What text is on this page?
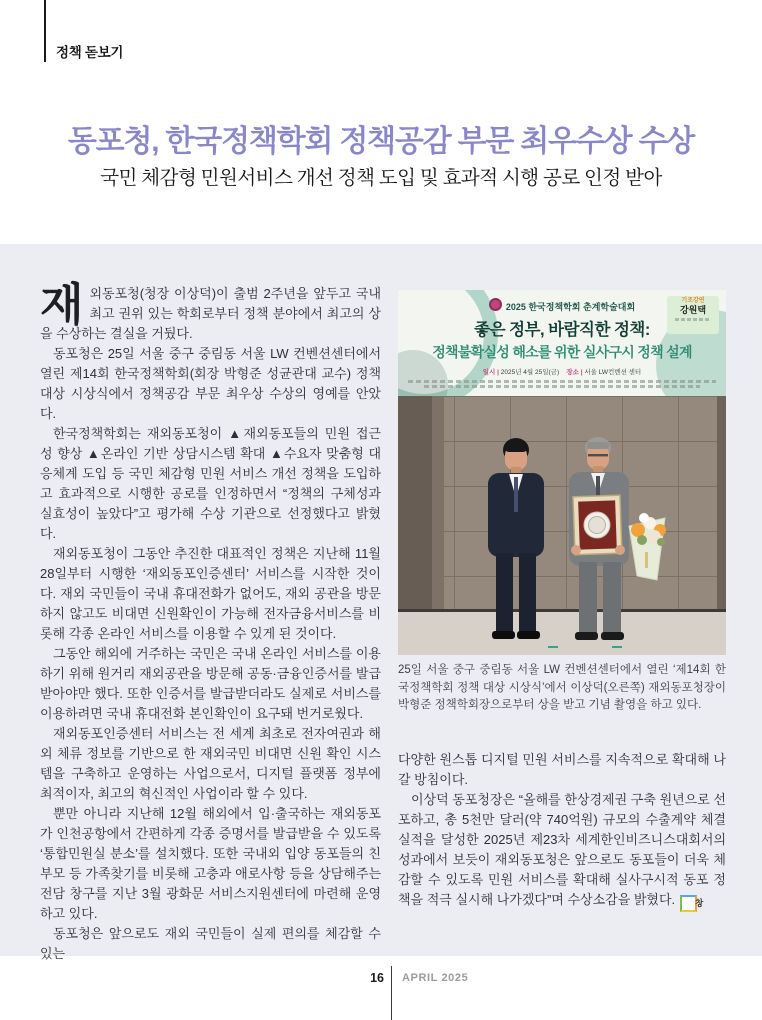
정책 돋보기
동포청, 한국정책학회 정책공감 부문 최우수상 수상
국민 체감형 민원서비스 개선 정책 도입 및 효과적 시행 공로 인정 받아

재외동포청(청장 이상덕)이 출범 2주년을 앞두고 국내 최고 권위 있는 학회로부터 정책 분야에서 최고의 상을 수상하는 결실을 거뒀다.

동포청은 25일 서울 중구 중림동 서울 LW 컨벤션센터에서 열린 제14회 한국정책학회(회장 박형준 성균관대 교수) 정책 대상 시상식에서 정책공감 부문 최우상 수상의 영예를 안았다.

한국정책학회는 재외동포청이 ▲재외동포들의 민원 접근성 향상 ▲온라인 기반 상담시스템 확대 ▲수요자 맞춤형 대응체계 도입 등 국민 체감형 민원 서비스 개선 정책을 도입하고 효과적으로 시행한 공로를 인정하면서 “정책의 구체성과 실효성이 높았다”고 평가해 수상 기관으로 선정했다고 밝혔다.

재외동포청이 그동안 추진한 대표적인 정책은 지난해 11월 28일부터 시행한 ‘재외동포인증센터’ 서비스를 시작한 것이다. 재외 국민들이 국내 휴대전화가 없어도, 재외 공관을 방문하지 않고도 비대면 신원확인이 가능해 전자금융서비스를 비롯해 각종 온라인 서비스를 이용할 수 있게 된 것이다.

그동안 해외에 거주하는 국민은 국내 온라인 서비스를 이용하기 위해 원거리 재외공관을 방문해 공동·금융인증서를 발급받아야만 했다. 또한 인증서를 발급받더라도 실제로 서비스를 이용하려면 국내 휴대전화 본인확인이 요구돼 번거로웠다.

재외동포인증센터 서비스는 전 세계 최초로 전자여권과 해외 체류 정보를 기반으로 한 재외국민 비대면 신원 확인 시스템을 구축하고 운영하는 사업으로서, 디지털 플랫폼 정부에 최적이자, 최고의 혁신적인 사업이라 할 수 있다.

뿐만 아니라 지난해 12월 해외에서 입·출국하는 재외동포가 인천공항에서 간편하게 각종 증명서를 발급받을 수 있도록 ‘통합민원실 분소’를 설치했다. 또한 국내외 입양 동포들의 친부모 등 가족찾기를 비롯해 고충과 애로사항 등을 상담해주는 전담 창구를 지난 3월 광화문 서비스지원센터에 마련해 운영하고 있다.

동포청은 앞으로도 재외 국민들이 실제 편의를 체감할 수 있는

2025 한국정책학회 춘계학술대회
좋은 정부, 바람직한 정책:
정책불확실성 해소를 위한 실사구시 정책 설계
일시 | 2025년 4월 25일(금) 장소 | 서울 LW컨벤션 센터
기조강연
강원택
25일 서울 중구 중림동 서울 LW 컨벤션센터에서 열린 ‘제14회 한국정책학회 정책 대상 시상식’에서 이상덕(오른쪽) 재외동포청장이 박형준 정책학회장으로부터 상을 받고 기념 촬영을 하고 있다.

다양한 원스톱 디지털 민원 서비스를 지속적으로 확대해 나갈 방침이다.

이상덕 동포청장은 “올해를 한상경제권 구축 원년으로 선포하고, 총 5천만 달러(약 740억원) 규모의 수출계약 체결 실적을 달성한 2025년 제23차 세계한인비즈니스대회서의 성과에서 보듯이 재외동포청은 앞으로도 동포들이 더욱 체감할 수 있도록 민원 서비스를 확대해 실사구시적 동포 정책을 적극 실시해 나가겠다”며 수상소감을 밝혔다. 창

16 APRIL 2025
